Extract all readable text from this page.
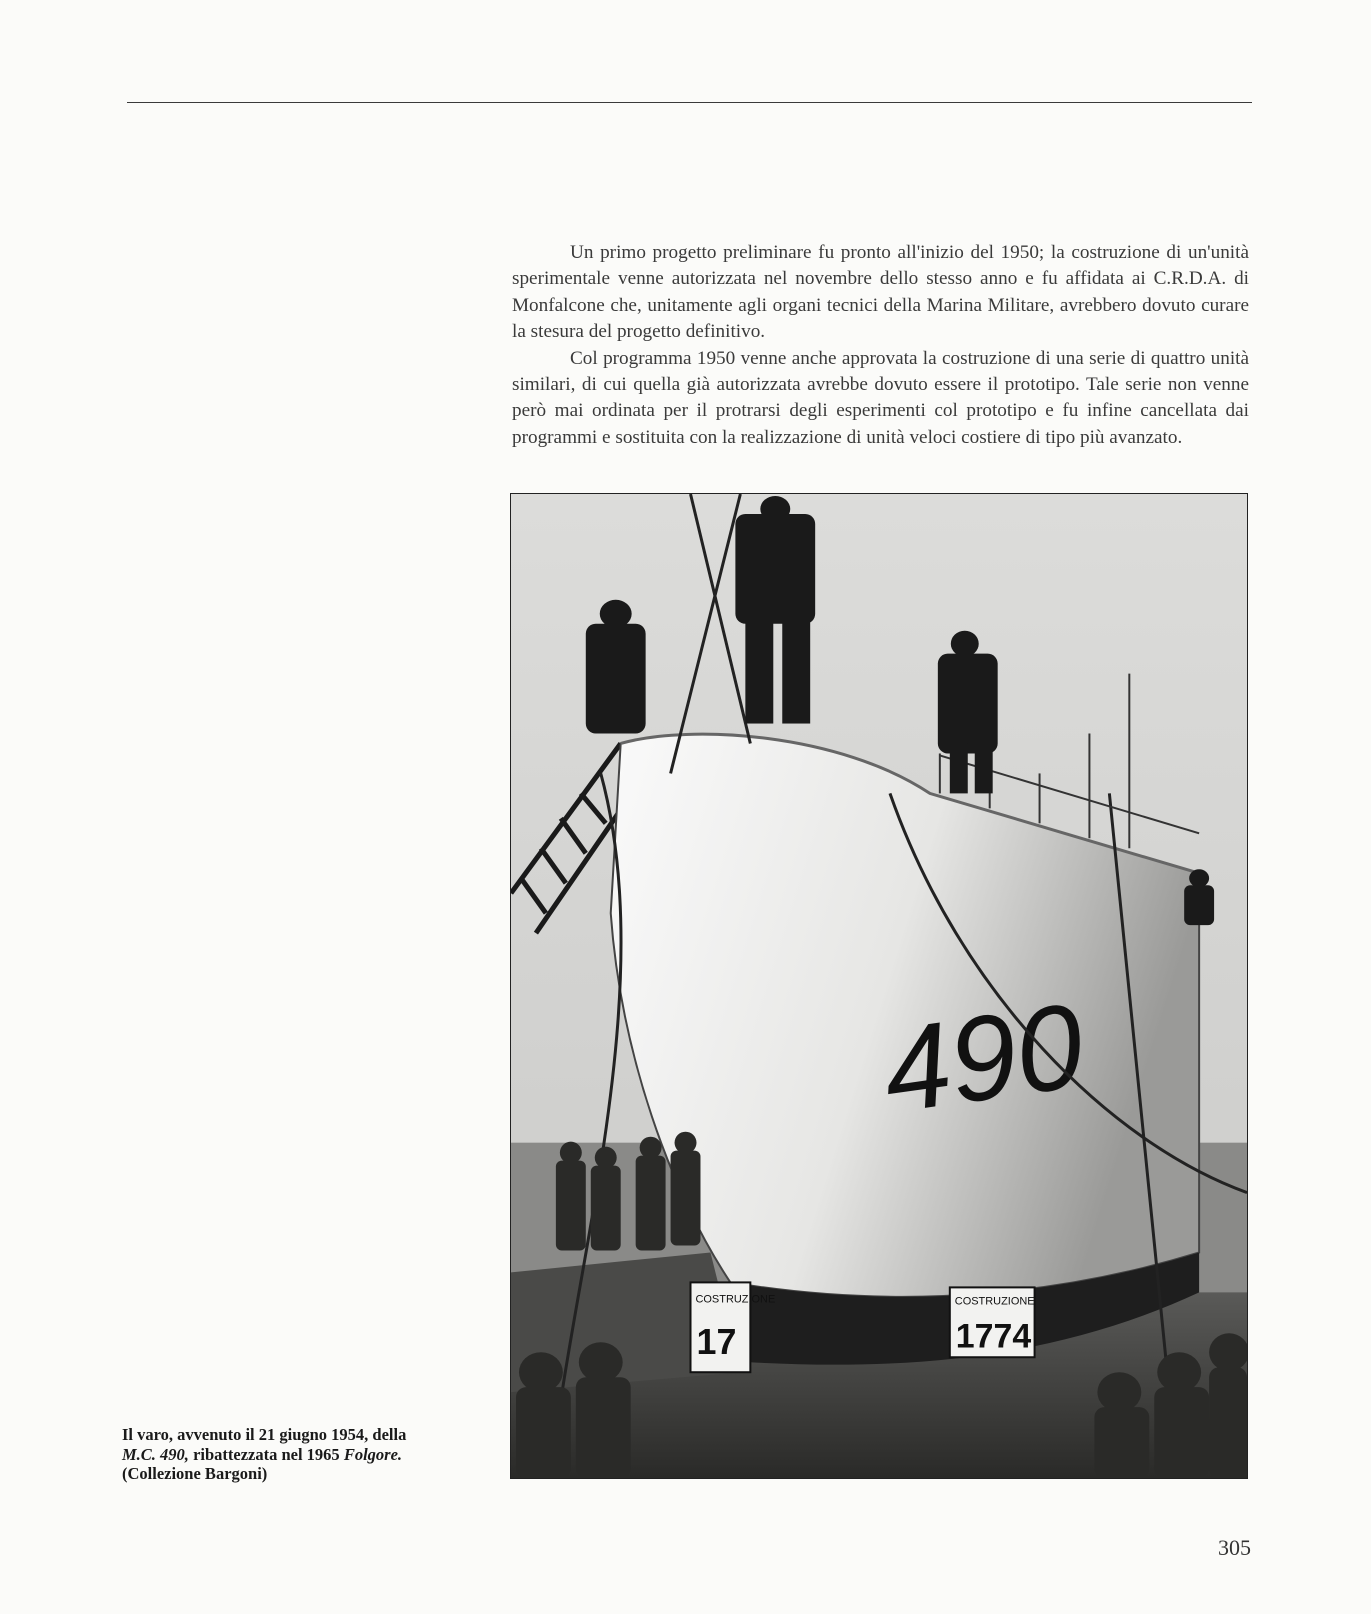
Un primo progetto preliminare fu pronto all'inizio del 1950; la costruzione di un'unità sperimentale venne autorizzata nel novembre dello stesso anno e fu affidata ai C.R.D.A. di Monfalcone che, unitamente agli organi tecnici della Marina Militare, avrebbero dovuto curare la stesura del progetto definitivo.

Col programma 1950 venne anche approvata la costruzione di una serie di quattro unità similari, di cui quella già autorizzata avrebbe dovuto essere il prototipo. Tale serie non venne però mai ordinata per il protrarsi degli esperimenti col prototipo e fu infine cancellata dai programmi e sostituita con la realizzazione di unità veloci costiere di tipo più avanzato.

490
COSTRUZIONE
17
COSTRUZIONE
1774
Il varo, avvenuto il 21 giugno 1954, della
M.C. 490, ribattezzata nel 1965 Folgore.
(Collezione Bargoni)
305
